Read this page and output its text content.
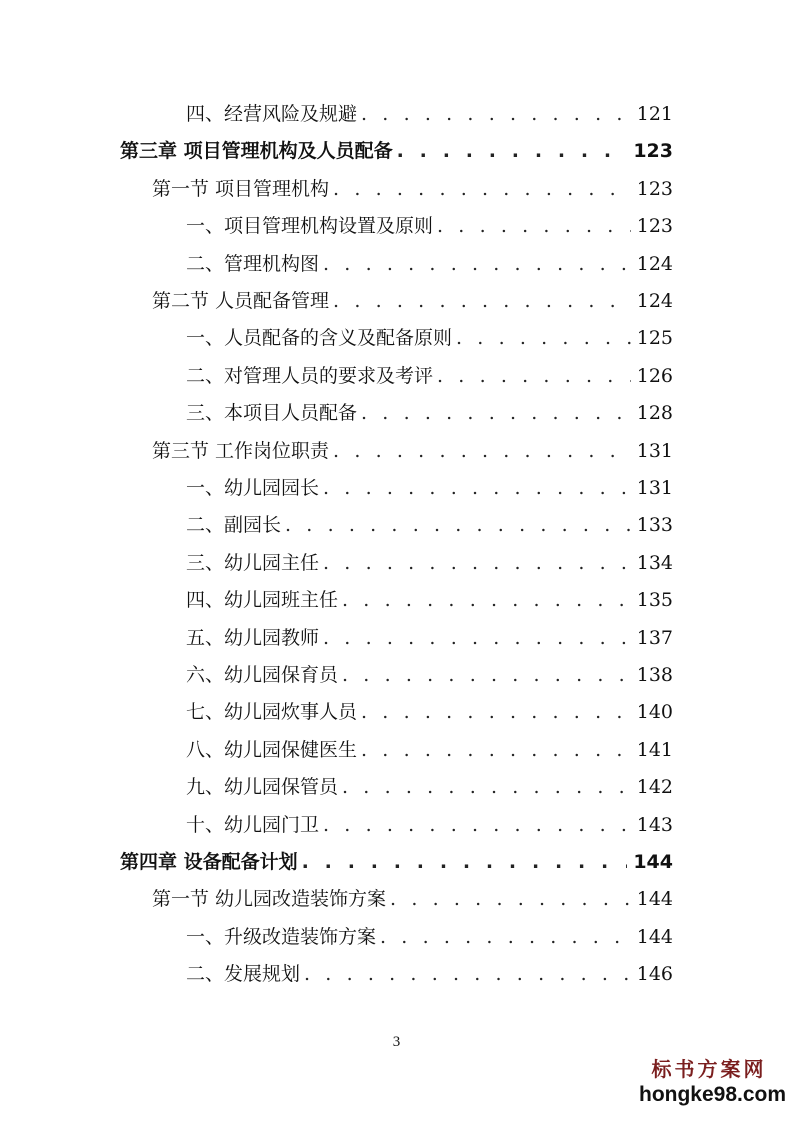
四、经营风险及规避 . . .	121
第三章 项目管理机构及人员配备 . . .	123
第一节 项目管理机构 . . .	123
一、项目管理机构设置及原则 . . .	123
二、管理机构图 . . .	124
第二节 人员配备管理 . . .	124
一、人员配备的含义及配备原则 . . .	125
二、对管理人员的要求及考评 . . .	126
三、本项目人员配备 . . .	128
第三节 工作岗位职责 . . .	131
一、幼儿园园长 . . .	131
二、副园长 . . .	133
三、幼儿园主任 . . .	134
四、幼儿园班主任 . . .	135
五、幼儿园教师 . . .	137
六、幼儿园保育员 . . .	138
七、幼儿园炊事人员 . . .	140
八、幼儿园保健医生 . . .	141
九、幼儿园保管员 . . .	142
十、幼儿园门卫 . . .	143
第四章 设备配备计划 . . .	144
第一节 幼儿园改造装饰方案 . . .	144
一、升级改造装饰方案 . . .	144
二、发展规划 . . .	146
3
标书方案网
hongke98.com
